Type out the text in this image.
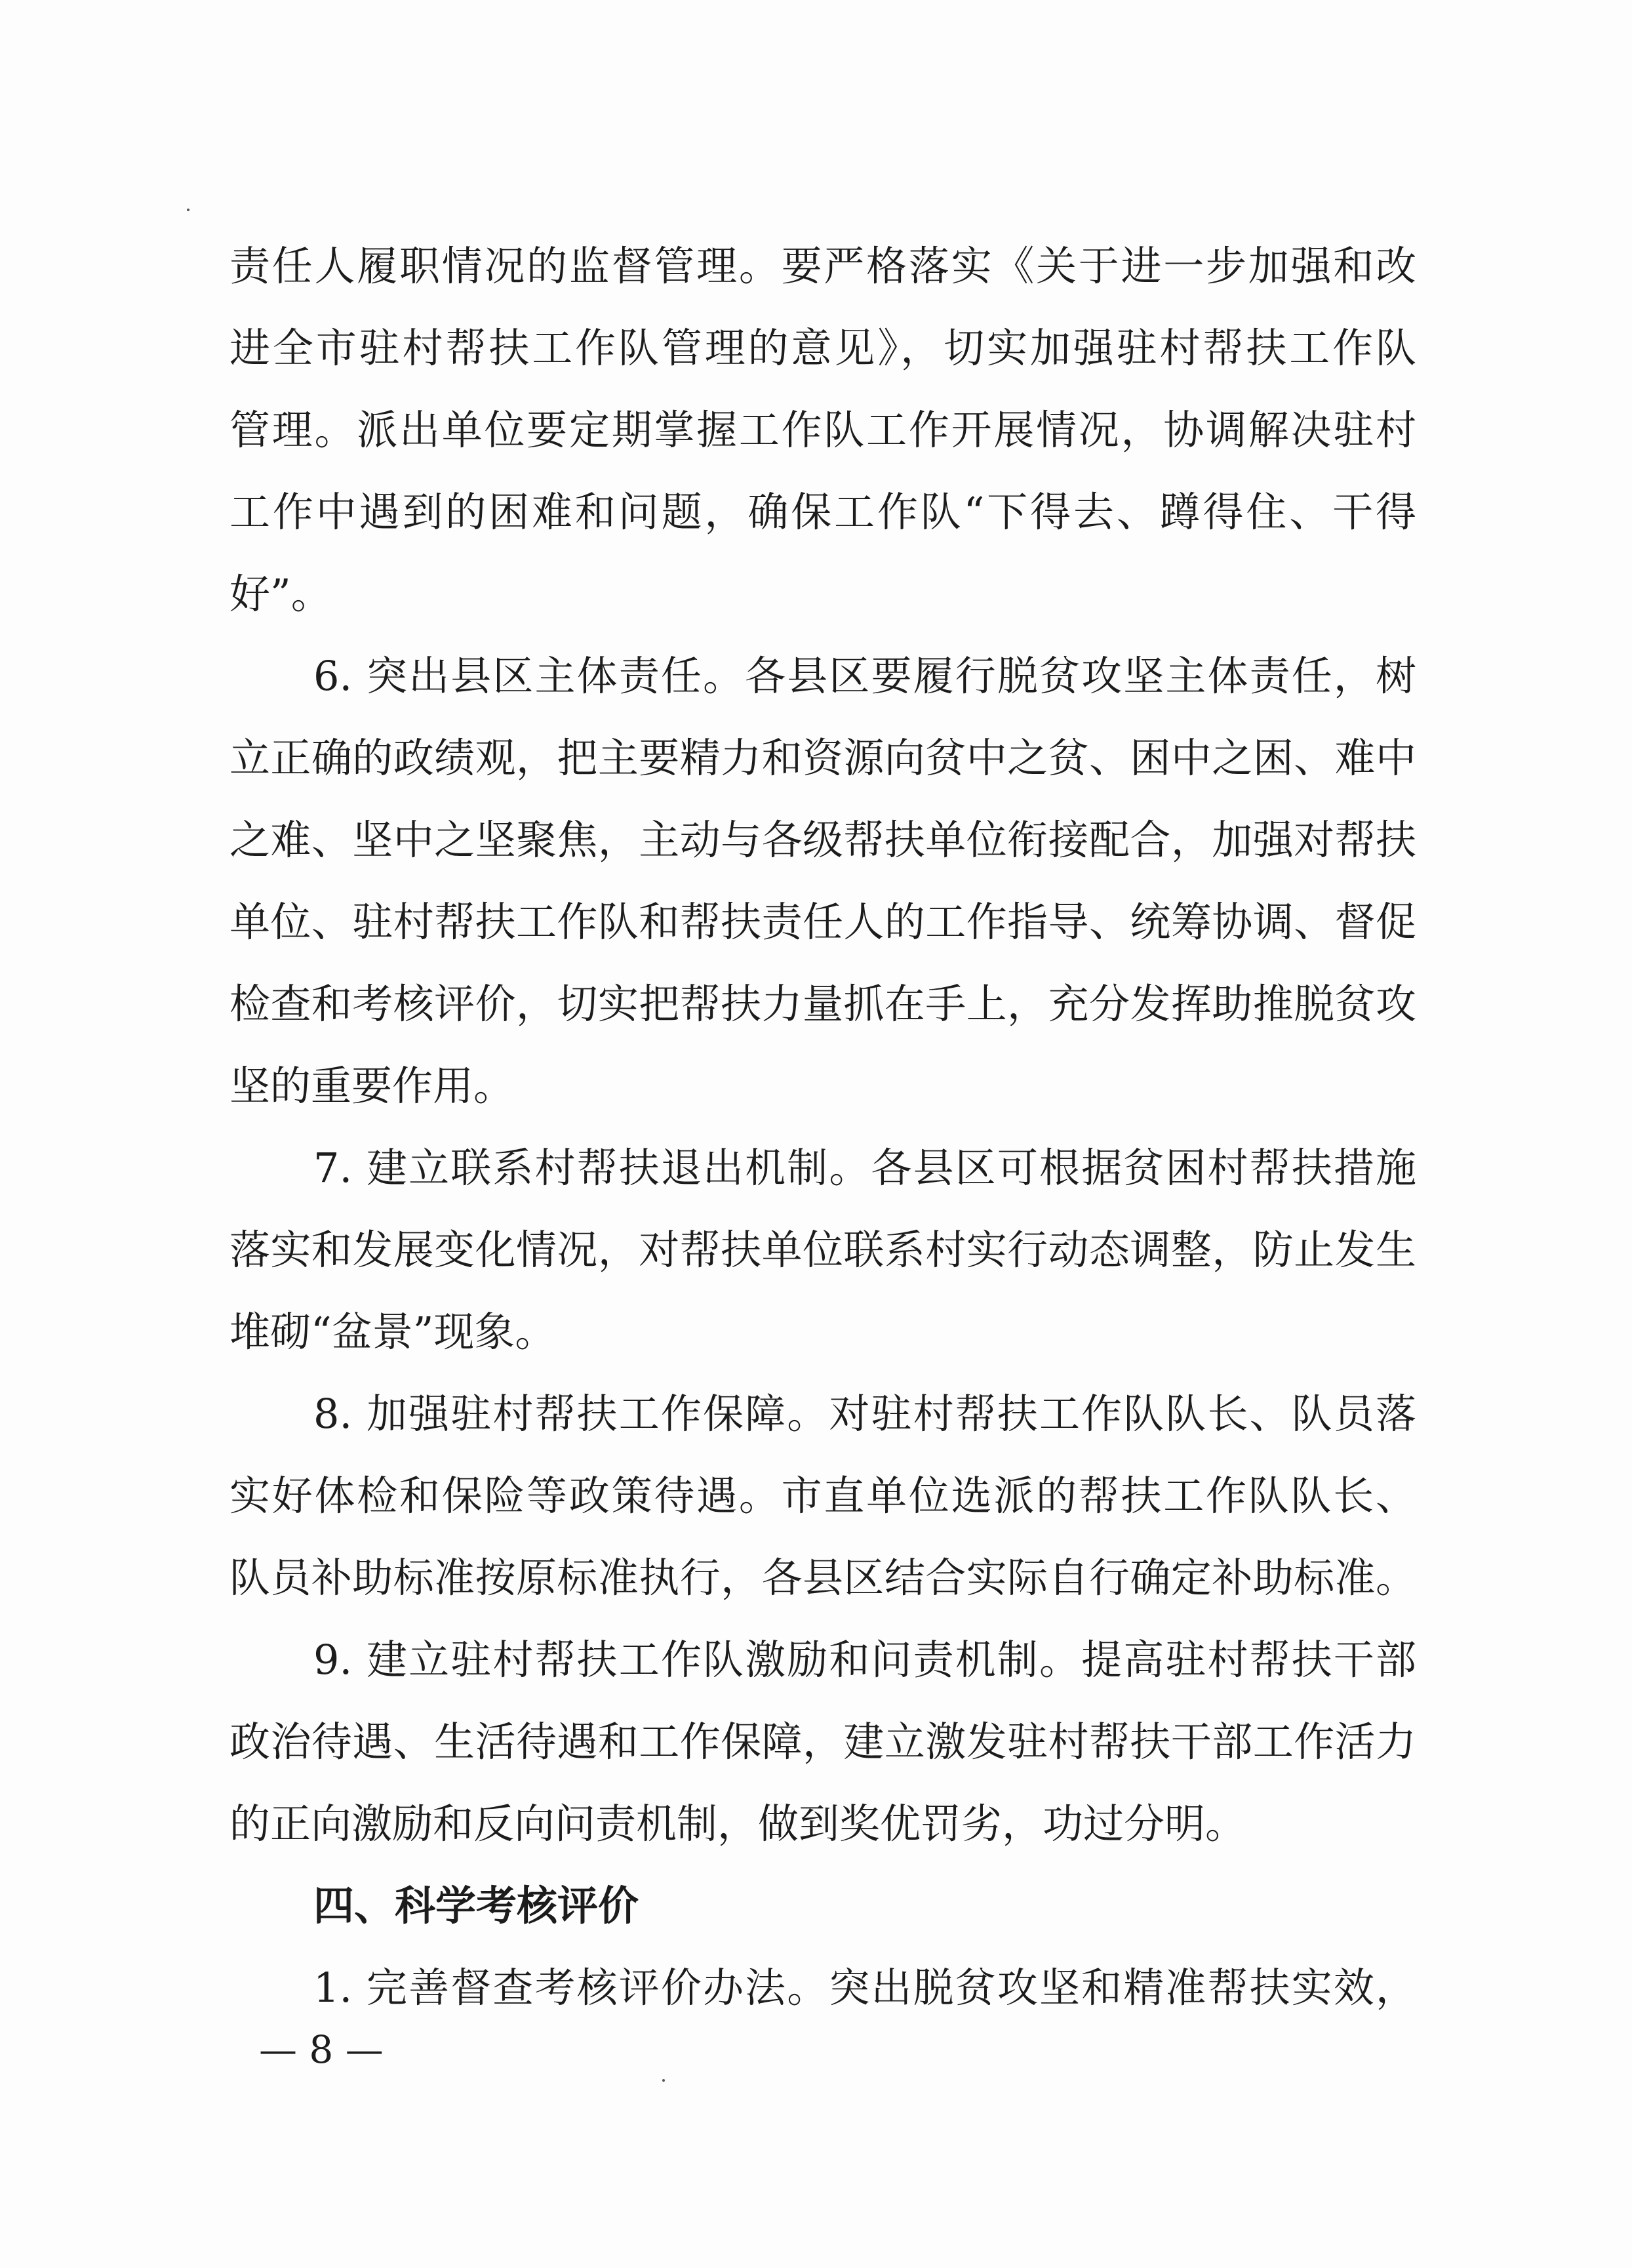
责任人履职情况的监督管理。要严格落实《关于进一步加强和改
进全市驻村帮扶工作队管理的意见》，切实加强驻村帮扶工作队
管理。派出单位要定期掌握工作队工作开展情况，协调解决驻村
工作中遇到的困难和问题，确保工作队“下得去、蹲得住、干得
好”。
6. 突出县区主体责任。各县区要履行脱贫攻坚主体责任，树
立正确的政绩观，把主要精力和资源向贫中之贫、困中之困、难中
之难、坚中之坚聚焦，主动与各级帮扶单位衔接配合，加强对帮扶
单位、驻村帮扶工作队和帮扶责任人的工作指导、统筹协调、督促
检查和考核评价，切实把帮扶力量抓在手上，充分发挥助推脱贫攻
坚的重要作用。
7. 建立联系村帮扶退出机制。各县区可根据贫困村帮扶措施
落实和发展变化情况，对帮扶单位联系村实行动态调整，防止发生
堆砌“盆景”现象。
8. 加强驻村帮扶工作保障。对驻村帮扶工作队队长、队员落
实好体检和保险等政策待遇。市直单位选派的帮扶工作队队长、
队员补助标准按原标准执行，各县区结合实际自行确定补助标准。
9. 建立驻村帮扶工作队激励和问责机制。提高驻村帮扶干部
政治待遇、生活待遇和工作保障，建立激发驻村帮扶干部工作活力
的正向激励和反向问责机制，做到奖优罚劣，功过分明。
四、科学考核评价
1. 完善督查考核评价办法。突出脱贫攻坚和精准帮扶实效，
— 8 —
